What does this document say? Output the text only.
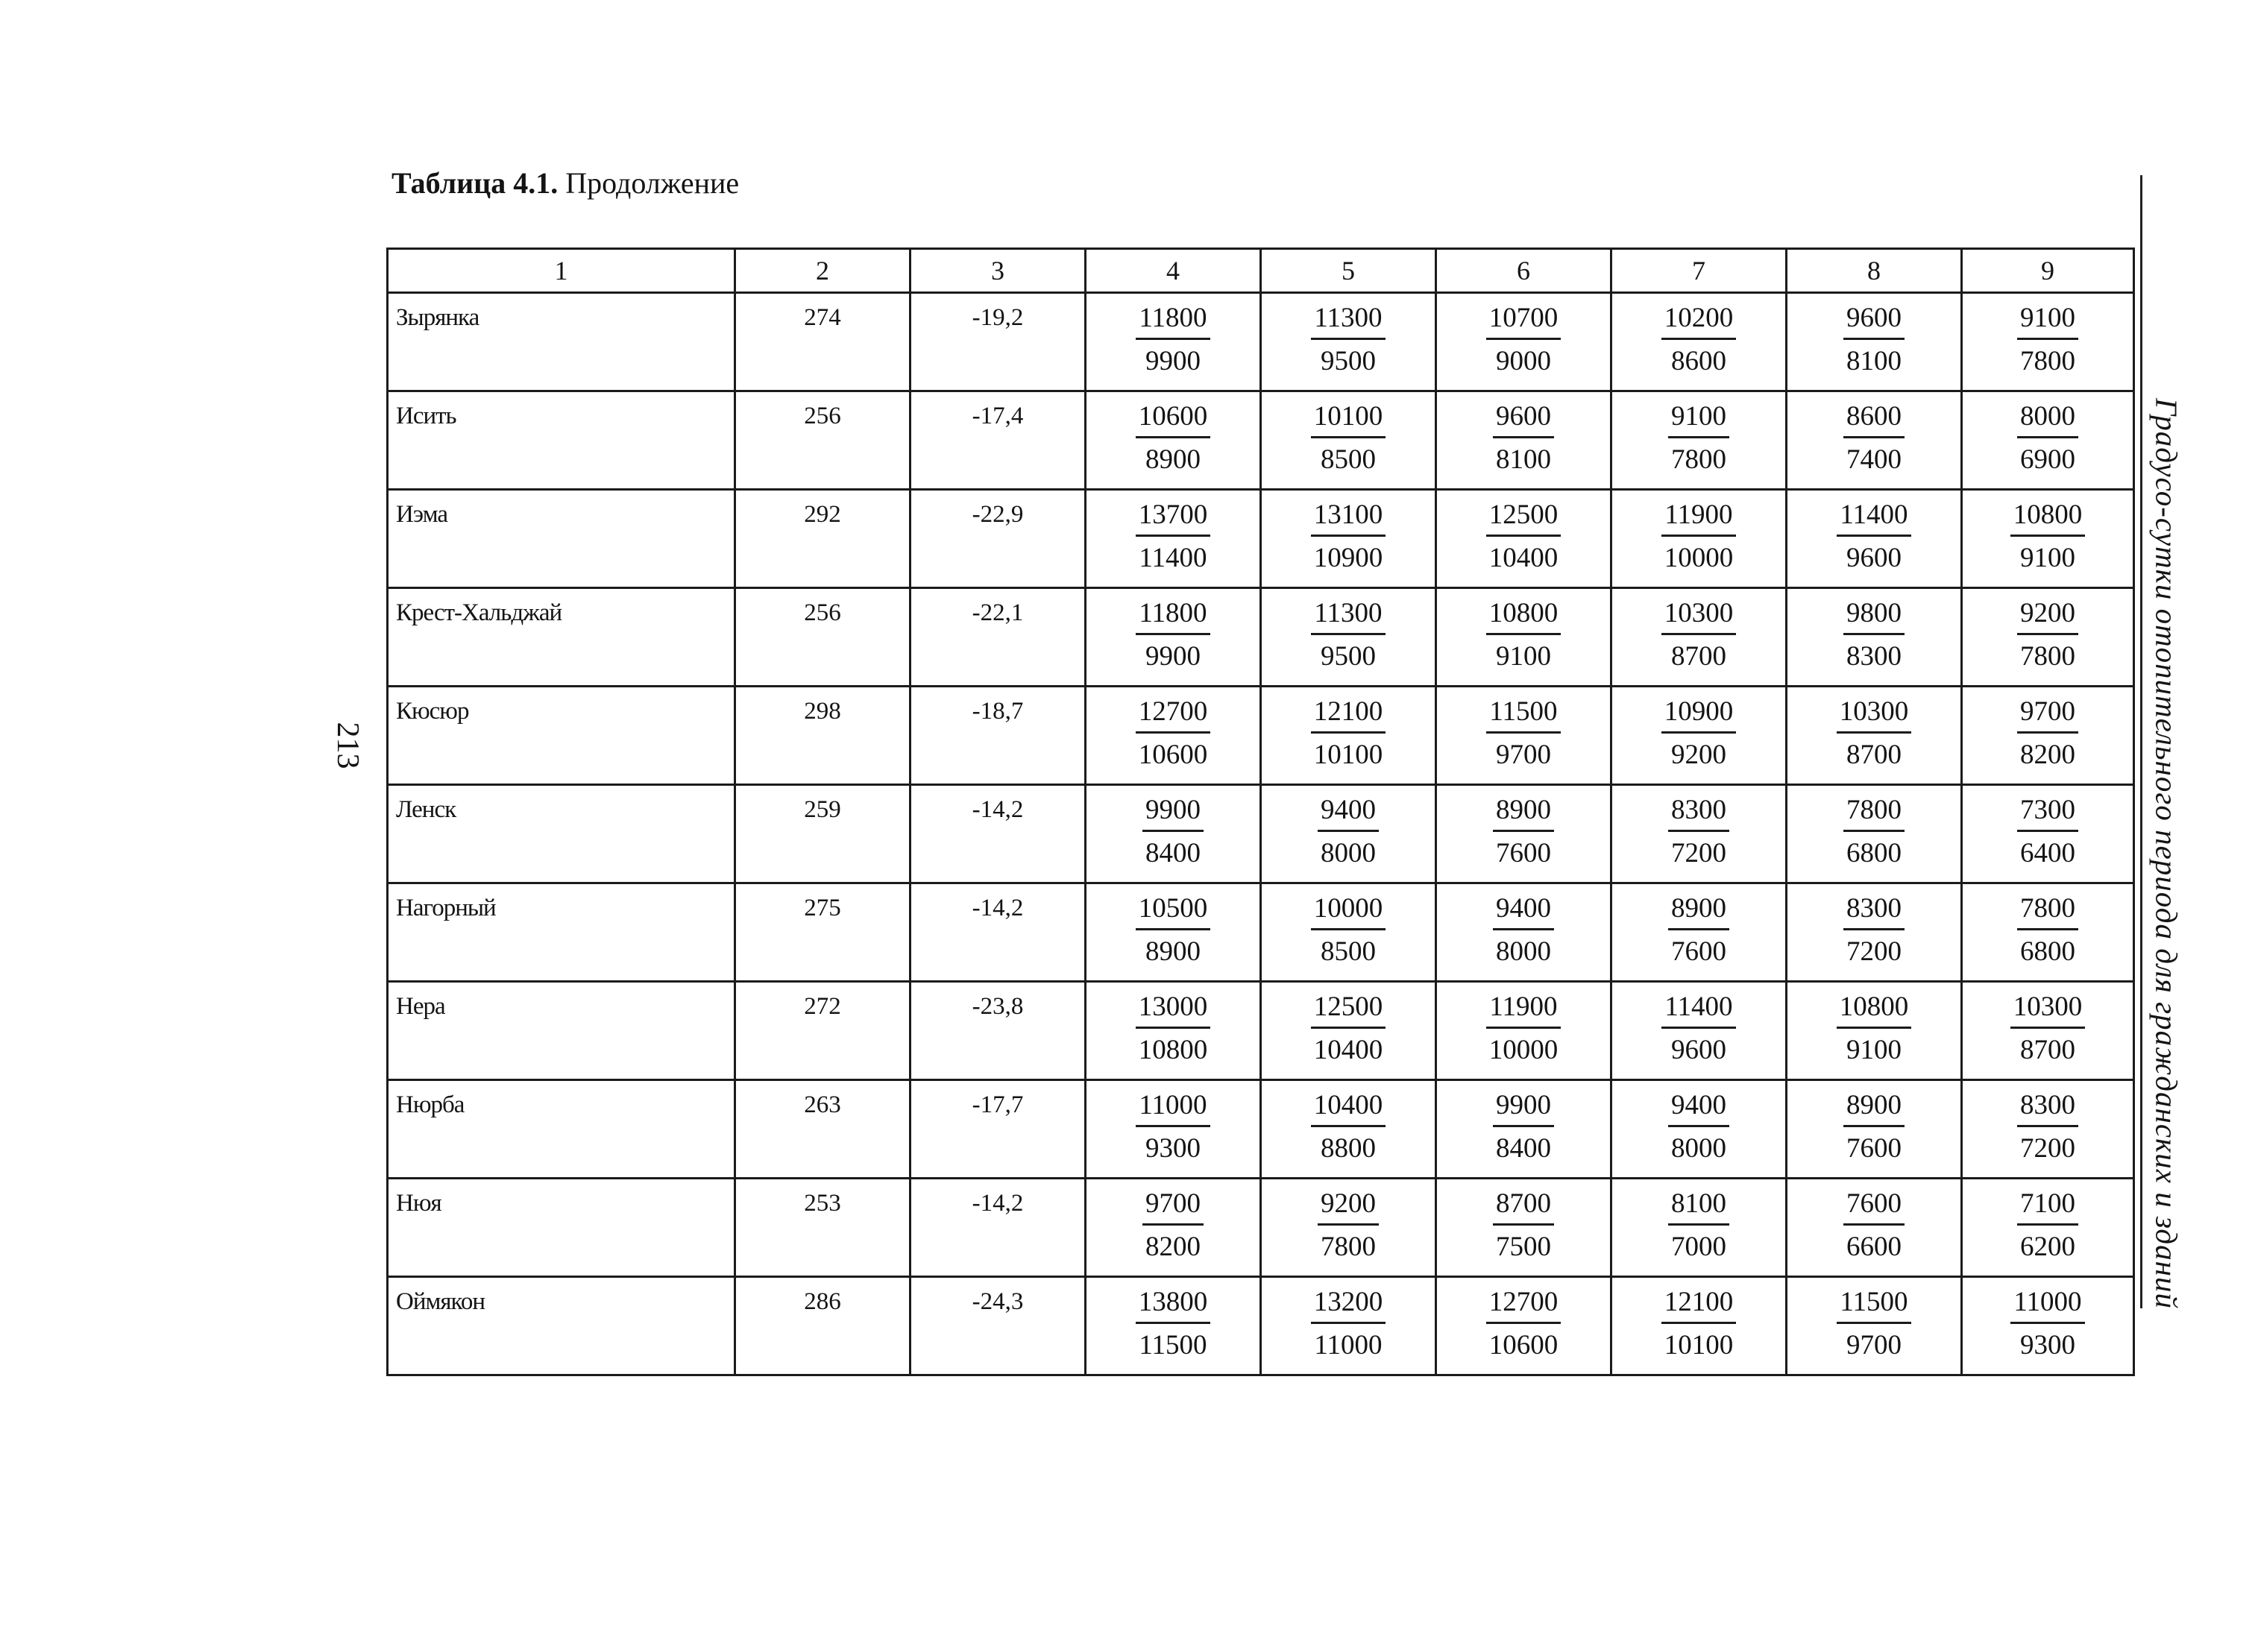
Таблица 4.1. Продолжение
213	Градусо-сутки отопительного периода для гражданских и зданий
1	2	3	4	5	6	7	8	9
Зырянка	274	-19,2	$\frac{11800}{9900}$	$\frac{11300}{9500}$	$\frac{10700}{9000}$	$\frac{10200}{8600}$	$\frac{9600}{8100}$	$\frac{9100}{7800}$

Исить	256	-17,4	$\frac{10600}{8900}$	$\frac{10100}{8500}$	$\frac{9600}{8100}$	$\frac{9100}{7800}$	$\frac{8600}{7400}$	$\frac{8000}{6900}$

Иэма	292	-22,9	$\frac{13700}{11400}$	$\frac{13100}{10900}$	$\frac{12500}{10400}$	$\frac{11900}{10000}$	$\frac{11400}{9600}$	$\frac{10800}{9100}$

Крест-Хальджай	256	-22,1	$\frac{11800}{9900}$	$\frac{11300}{9500}$	$\frac{10800}{9100}$	$\frac{10300}{8700}$	$\frac{9800}{8300}$	$\frac{9200}{7800}$

Кюсюр	298	-18,7	$\frac{12700}{10600}$	$\frac{12100}{10100}$	$\frac{11500}{9700}$	$\frac{10900}{9200}$	$\frac{10300}{8700}$	$\frac{9700}{8200}$

Ленск	259	-14,2	$\frac{9900}{8400}$	$\frac{9400}{8000}$	$\frac{8900}{7600}$	$\frac{8300}{7200}$	$\frac{7800}{6800}$	$\frac{7300}{6400}$

Нагорный	275	-14,2	$\frac{10500}{8900}$	$\frac{10000}{8500}$	$\frac{9400}{8000}$	$\frac{8900}{7600}$	$\frac{8300}{7200}$	$\frac{7800}{6800}$

Нера	272	-23,8	$\frac{13000}{10800}$	$\frac{12500}{10400}$	$\frac{11900}{10000}$	$\frac{11400}{9600}$	$\frac{10800}{9100}$	$\frac{10300}{8700}$

Нюрба	263	-17,7	$\frac{11000}{9300}$	$\frac{10400}{8800}$	$\frac{9900}{8400}$	$\frac{9400}{8000}$	$\frac{8900}{7600}$	$\frac{8300}{7200}$

Нюя	253	-14,2	$\frac{9700}{8200}$	$\frac{9200}{7800}$	$\frac{8700}{7500}$	$\frac{8100}{7000}$	$\frac{7600}{6600}$	$\frac{7100}{6200}$

Оймякон	286	-24,3	$\frac{13800}{11500}$	$\frac{13200}{11000}$	$\frac{12700}{10600}$	$\frac{12100}{10100}$	$\frac{11500}{9700}$	$\frac{11000}{9300}$
